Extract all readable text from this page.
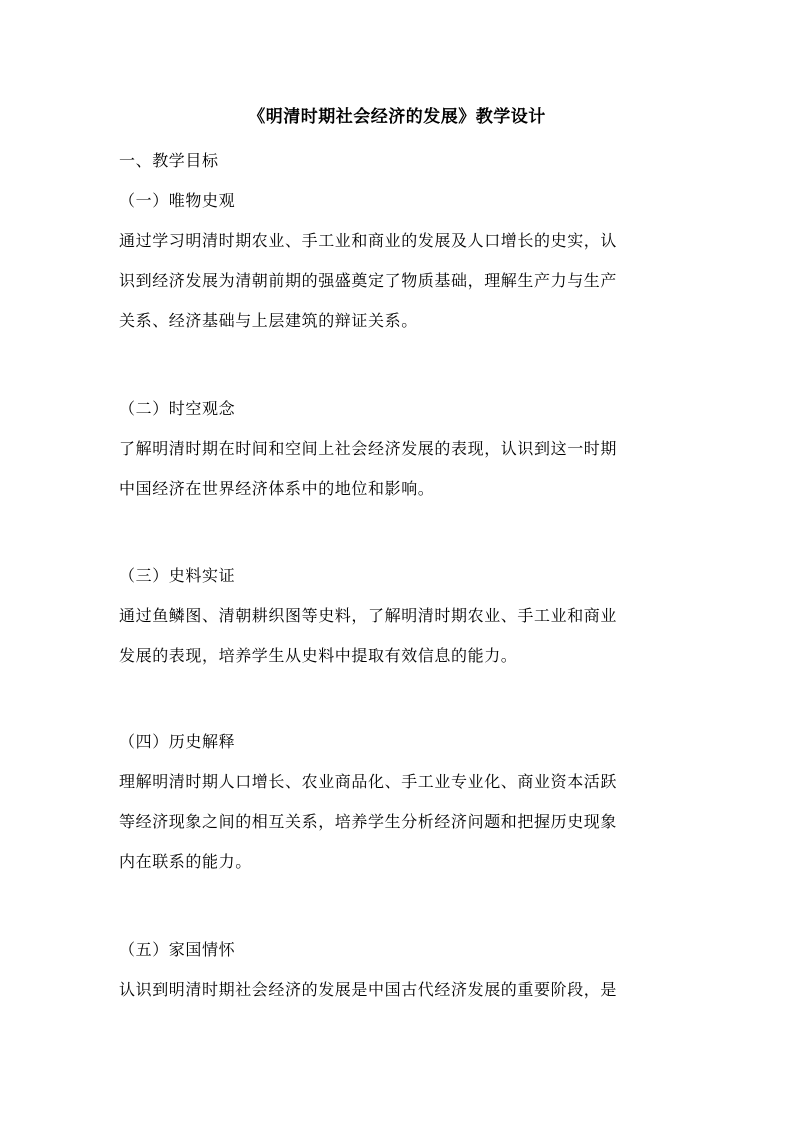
《明清时期社会经济的发展》教学设计
一、教学目标
（一）唯物史观
通过学习明清时期农业、手工业和商业的发展及人口增长的史实，认
识到经济发展为清朝前期的强盛奠定了物质基础，理解生产力与生产
关系、经济基础与上层建筑的辩证关系。
（二）时空观念
了解明清时期在时间和空间上社会经济发展的表现，认识到这一时期
中国经济在世界经济体系中的地位和影响。
（三）史料实证
通过鱼鳞图、清朝耕织图等史料，了解明清时期农业、手工业和商业
发展的表现，培养学生从史料中提取有效信息的能力。
（四）历史解释
理解明清时期人口增长、农业商品化、手工业专业化、商业资本活跃
等经济现象之间的相互关系，培养学生分析经济问题和把握历史现象
内在联系的能力。
（五）家国情怀
认识到明清时期社会经济的发展是中国古代经济发展的重要阶段，是
